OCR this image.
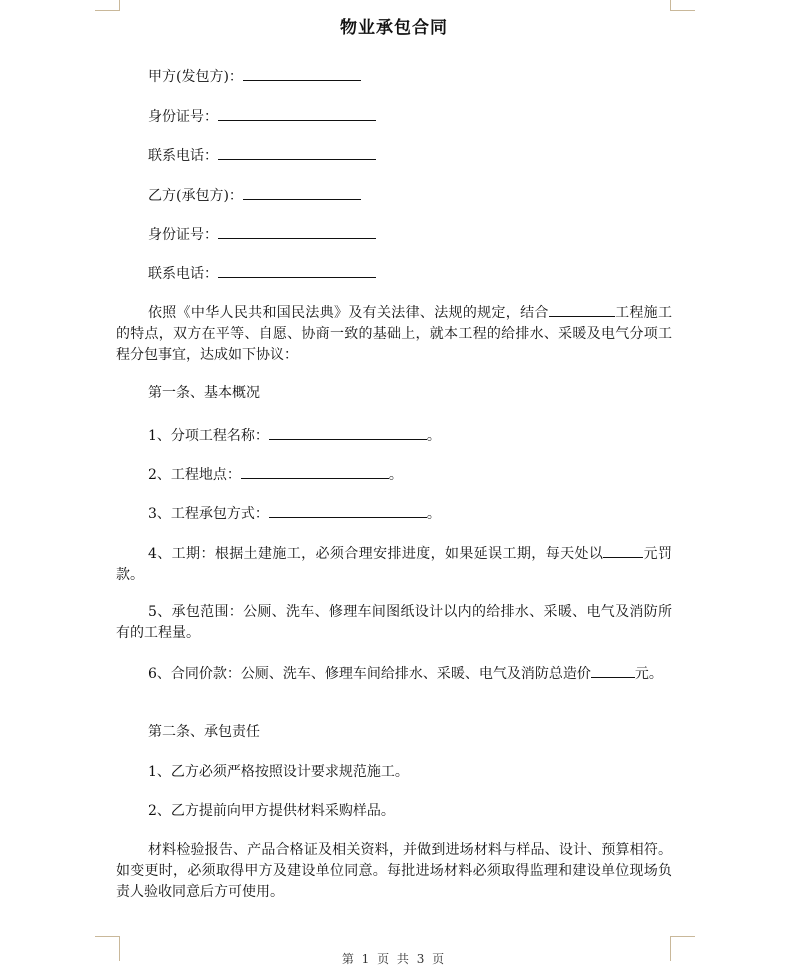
物业承包合同
甲方(发包方)：
身份证号：
联系电话：
乙方(承包方)：
身份证号：
联系电话：
依照《中华人民共和国民法典》及有关法律、法规的规定，结合	工程施工的特点，双方在平等、自愿、协商一致的基础上，就本工程的给排水、采暖及电气分项工程分包事宜，达成如下协议：
第一条、基本概况
1、分项工程名称：	。
2、工程地点：	。
3、工程承包方式：	。
4、工期：根据土建施工，必须合理安排进度，如果延误工期，每天处以	元罚款。
5、承包范围：公厕、洗车、修理车间图纸设计以内的给排水、采暖、电气及消防所有的工程量。
6、合同价款：公厕、洗车、修理车间给排水、采暖、电气及消防总造价	元。
第二条、承包责任
1、乙方必须严格按照设计要求规范施工。
2、乙方提前向甲方提供材料采购样品。
材料检验报告、产品合格证及相关资料，并做到进场材料与样品、设计、预算相符。如变更时，必须取得甲方及建设单位同意。每批进场材料必须取得监理和建设单位现场负责人验收同意后方可使用。
第 1 页 共 3 页
